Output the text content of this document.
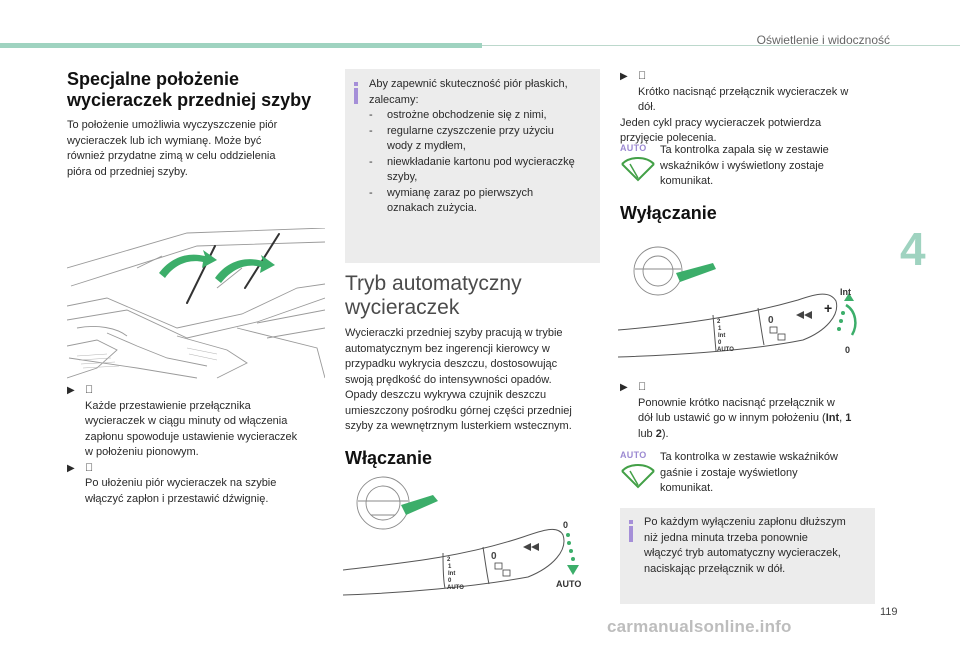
Oświetlenie i widoczność
4
Specjalne położenie
wycieraczek przedniej szyby

To położenie umożliwia wyczyszczenie piór

wycieraczek lub ich wymianę. Może być

również przydatne zimą w celu oddzielenia

pióra od przedniej szyby.

▶

Każde przestawienie przełącznika

wycieraczek w ciągu minuty od włączenia

zapłonu spowoduje ustawienie wycieraczek

w położeniu pionowym.

▶

Po ułożeniu piór wycieraczek na szybie

włączyć zapłon i przestawić dźwignię.

Aby zapewnić skuteczność piór płaskich,

zalecamy:

- ostrożne obchodzenie się z nimi,

- regularne czyszczenie przy użyciu

wody z mydłem,

- niewkładanie kartonu pod wycieraczkę

szyby,

- wymianę zaraz po pierwszych

oznakach zużycia.

Tryb automatyczny
wycieraczek

Wycieraczki przedniej szyby pracują w trybie

automatycznym bez ingerencji kierowcy w

przypadku wykrycia deszczu, dostosowując

swoją prędkość do intensywności opadów.

Opady deszczu wykrywa czujnik deszczu

umieszczony pośrodku górnej części przedniej

szyby za wewnętrznym lusterkiem wstecznym.

Włączanie
2
1
Int
0
AUTO
0
0
AUTO
▶

Krótko nacisnąć przełącznik wycieraczek w

dół.

Jeden cykl pracy wycieraczek potwierdza

przyjęcie polecenia.

AUTO Ta kontrolka zapala się w zestawie

wskaźników i wyświetlony zostaje

komunikat.

Wyłączanie
2
1
Int
0
AUTO
0
+
Int
0
▶

Ponownie krótko nacisnąć przełącznik w

dół lub ustawić go w innym położeniu (Int, 1

lub 2).

AUTO Ta kontrolka w zestawie wskaźników

gaśnie i zostaje wyświetlony

komunikat.

Po każdym wyłączeniu zapłonu dłuższym

niż jedna minuta trzeba ponownie

włączyć tryb automatyczny wycieraczek,

naciskając przełącznik w dół.

119
carmanualsonline.info
